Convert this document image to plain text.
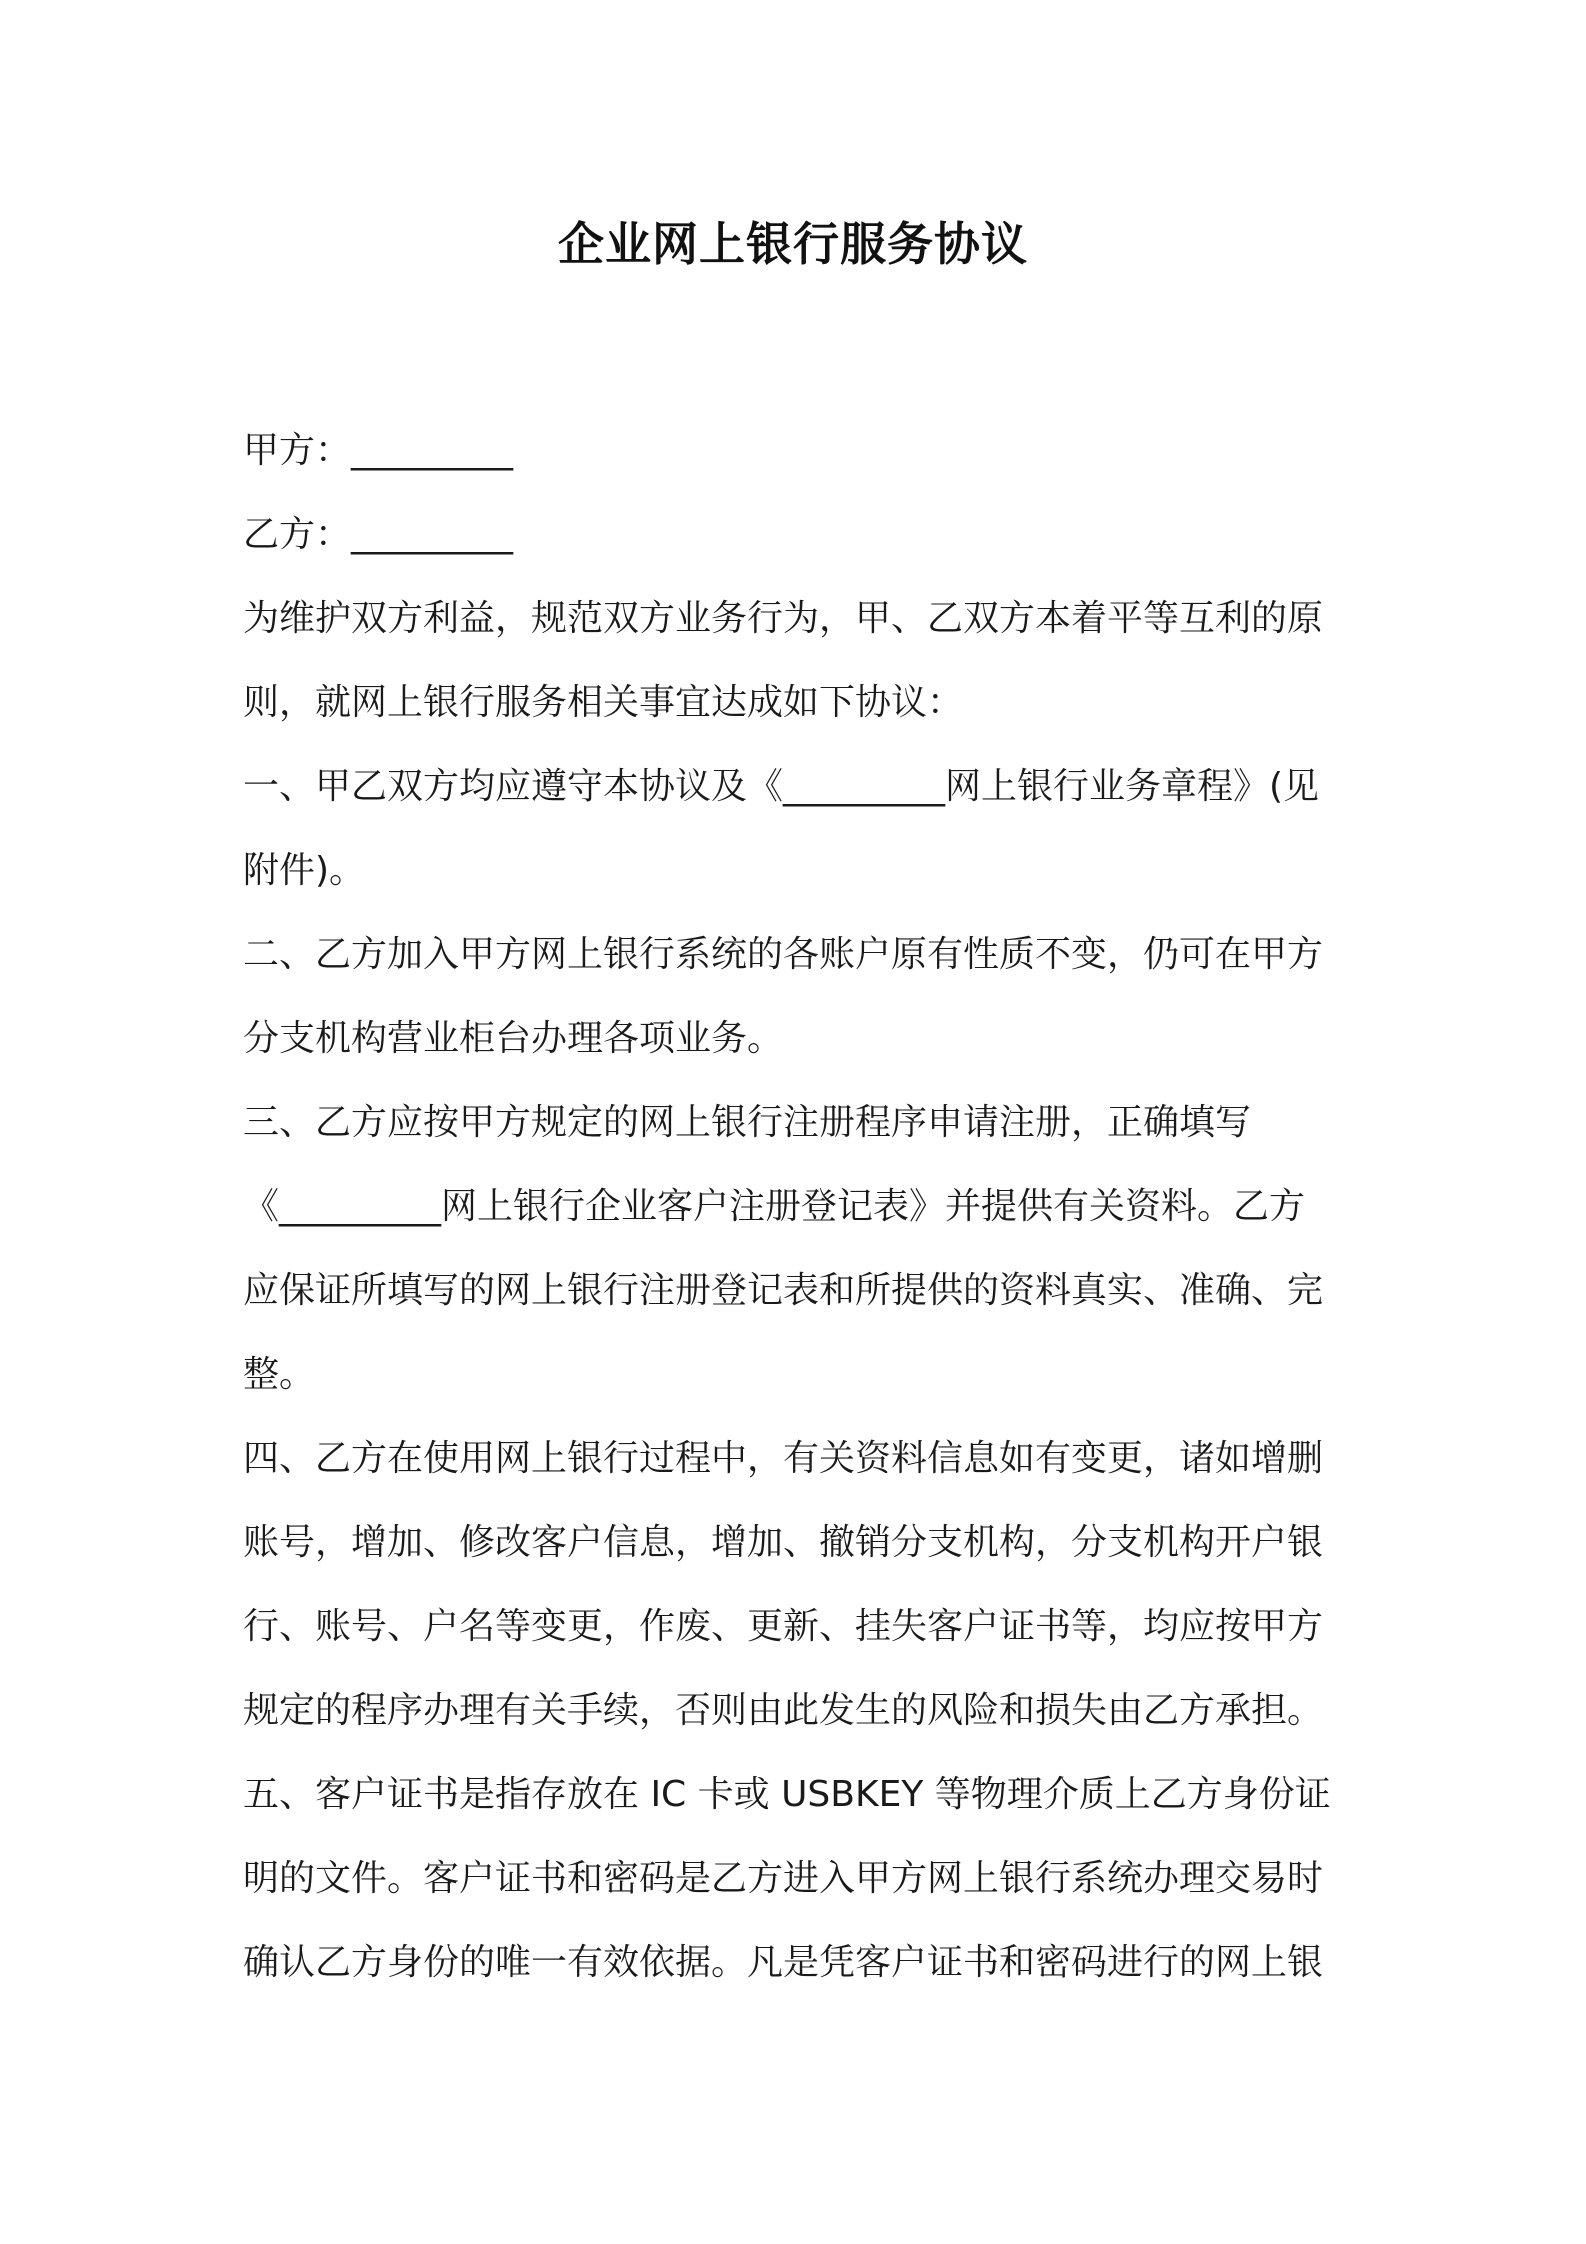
企业网上银行服务协议
甲方：_________
乙方：_________
为维护双方利益，规范双方业务行为，甲、乙双方本着平等互利的原
则，就网上银行服务相关事宜达成如下协议：
一、甲乙双方均应遵守本协议及《_________网上银行业务章程》(见
附件)。
二、乙方加入甲方网上银行系统的各账户原有性质不变，仍可在甲方
分支机构营业柜台办理各项业务。
三、乙方应按甲方规定的网上银行注册程序申请注册，正确填写
《_________网上银行企业客户注册登记表》并提供有关资料。乙方
应保证所填写的网上银行注册登记表和所提供的资料真实、准确、完
整。
四、乙方在使用网上银行过程中，有关资料信息如有变更，诸如增删
账号，增加、修改客户信息，增加、撤销分支机构，分支机构开户银
行、账号、户名等变更，作废、更新、挂失客户证书等，均应按甲方
规定的程序办理有关手续，否则由此发生的风险和损失由乙方承担。
五、客户证书是指存放在 IC 卡或 USBKEY 等物理介质上乙方身份证
明的文件。客户证书和密码是乙方进入甲方网上银行系统办理交易时
确认乙方身份的唯一有效依据。凡是凭客户证书和密码进行的网上银
